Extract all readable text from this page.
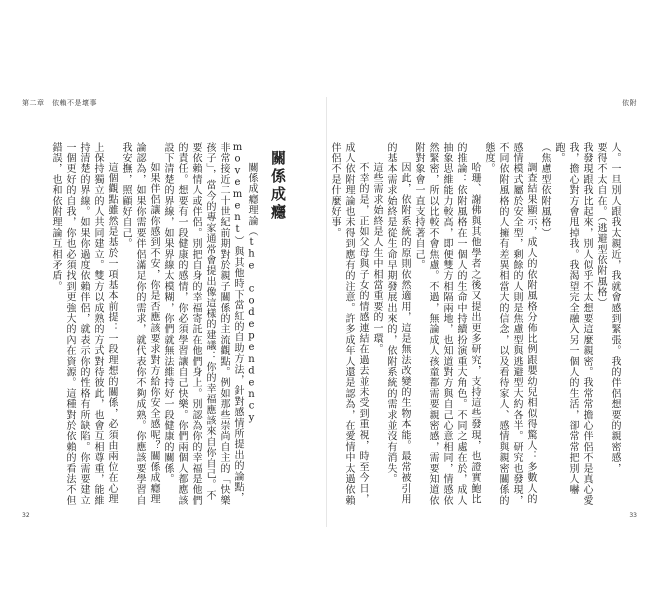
第二章　依賴不是壞事	依附
32	33

人。一旦別人跟我太親近，我就會感到緊張。我的伴侶想要的親密感，

要得不太自在。（逃避型依附風格）

我發現跟我比起來，別人似乎不太想要這麼親密。我常常擔心伴侶不是真心愛

我，擔心對方會甩掉我。我渴望完全融入另一個人的生活，卻常常把別人嚇跑。

（焦慮型依附風格）

調查結果顯示，成人的依附風格分佈比例跟嬰幼兒相似得驚人：多數人的感情模式屬於安全型，剩餘的人則是焦慮型與逃避型大約各半。研究也發現，不同依附風格的人擁有差異相當大的信念，以及看待家人、感情與親密關係的態度。

哈珊、謝佛與其他學者之後又提出更多研究，支持這些發現，也證實鮑比的推論：依附風格在一個人的生命中持續扮演重大角色。不同之處在於，成人抽象思維能力較高，即便雙方相隔兩地，也知道對方與自己心意相同，情感依然緊密，所以比較不會焦慮。不過，無論成人孩童都需要親密感，需要知道依附對象會一直支持著自己。

因此，依附系統的原則依然適用，這是無法改變的生物本能。最常被引用的基本需求始終是從生命早期發展出來的，依附系統的需求並沒有消失。

這些需求始終是人生中相當重要的一環。

不幸的是，正如父母與子女的情感連結在過去並未受到重視，時至今日，成人依附理論也未得到應有的注意。許多成年人還是認為，在愛情中太過依賴伴侶不是什麼好事。

關係成癮

關係成癮理論（the codependency movement）與其他時下當紅的自助方法，針對感情所提出的論點，非常接近二十世紀前期對於親子關係的主流觀點。例如那些崇尚自主的「快樂孩子」，當今的專家通常會提出像這樣的建議：你的幸福應該來自你自己。不要依賴情人或伴侶。別把自身的幸福寄託在他們身上。別認為你的幸福是他們的責任。想要有一段健康的感情，你必須學習讓自己快樂。你們兩個人都應該設下清楚的界線，如果界線太模糊，你們就無法維持好一段健康的關係。

如果伴侶讓你感到不安，你是否應該要求對方給你安全感呢？關係成癮理論認為，如果你需要伴侶滿足你的需求，就代表你不夠成熟。你應該要學習自我安撫，照顧好自己。

這個觀點雖然是基於一項基本前提：一段理想的關係，必須由兩位在心理上保持獨立的人共同建立。雙方以成熟的方式對待彼此，也會互相尊重，能維持清楚的界線。如果你過度依賴伴侶，就表示你的性格有所缺陷。你需要建立一個更好的自我，你也必須找到更強大的內在資源。這種對於依賴的看法不但錯誤，也和依附理論互相矛盾。
